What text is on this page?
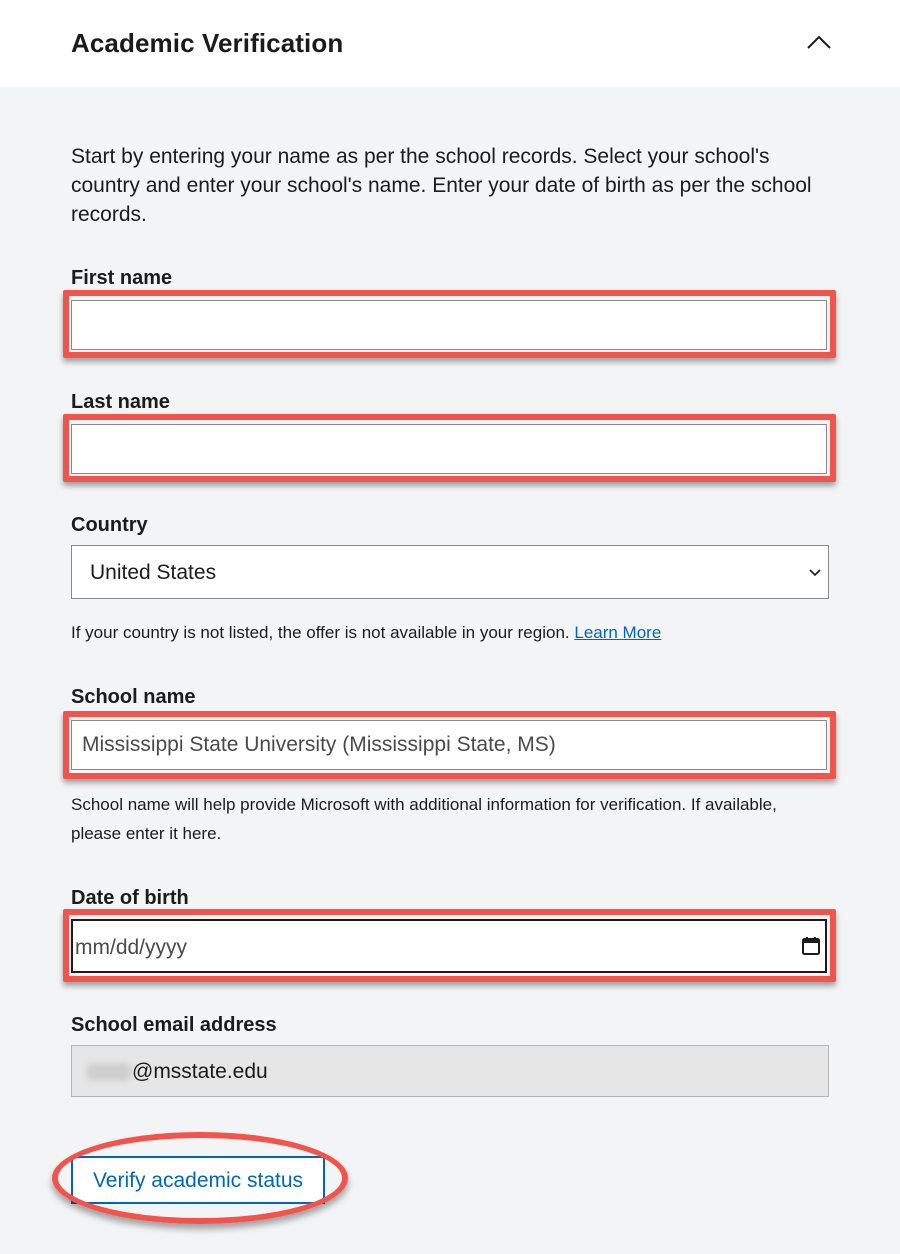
Academic Verification
Start by entering your name as per the school records. Select your school's country and enter your school's name. Enter your date of birth as per the school records.
First name
Last name
Country
United States
If your country is not listed, the offer is not available in your region. Learn More
School name
Mississippi State University (Mississippi State, MS)
School name will help provide Microsoft with additional information for verification. If available, please enter it here.
Date of birth
mm/dd/yyyy
School email address
@msstate.edu
Verify academic status
